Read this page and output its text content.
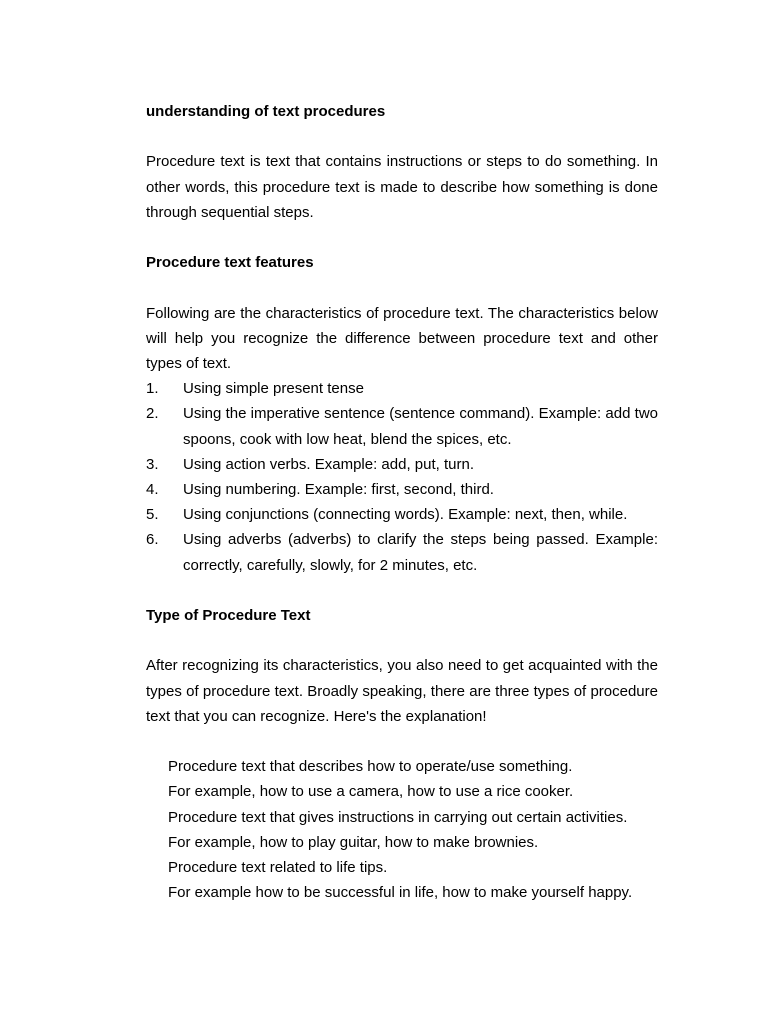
understanding of text procedures

Procedure text is text that contains instructions or steps to do something. In other words, this procedure text is made to describe how something is done through sequential steps.

Procedure text features

Following are the characteristics of procedure text. The characteristics below will help you recognize the difference between procedure text and other types of text.

1.	Using simple present tense
2.	Using the imperative sentence (sentence command). Example: add two spoons, cook with low heat, blend the spices, etc.
3.	Using action verbs. Example: add, put, turn.
4.	Using numbering. Example: first, second, third.
5.	Using conjunctions (connecting words). Example: next, then, while.
6.	Using adverbs (adverbs) to clarify the steps being passed. Example: correctly, carefully, slowly, for 2 minutes, etc.

Type of Procedure Text

After recognizing its characteristics, you also need to get acquainted with the types of procedure text. Broadly speaking, there are three types of procedure text that you can recognize. Here's the explanation!

Procedure text that describes how to operate/use something.

For example, how to use a camera, how to use a rice cooker.

Procedure text that gives instructions in carrying out certain activities.

For example, how to play guitar, how to make brownies.

Procedure text related to life tips.

For example how to be successful in life, how to make yourself happy.
